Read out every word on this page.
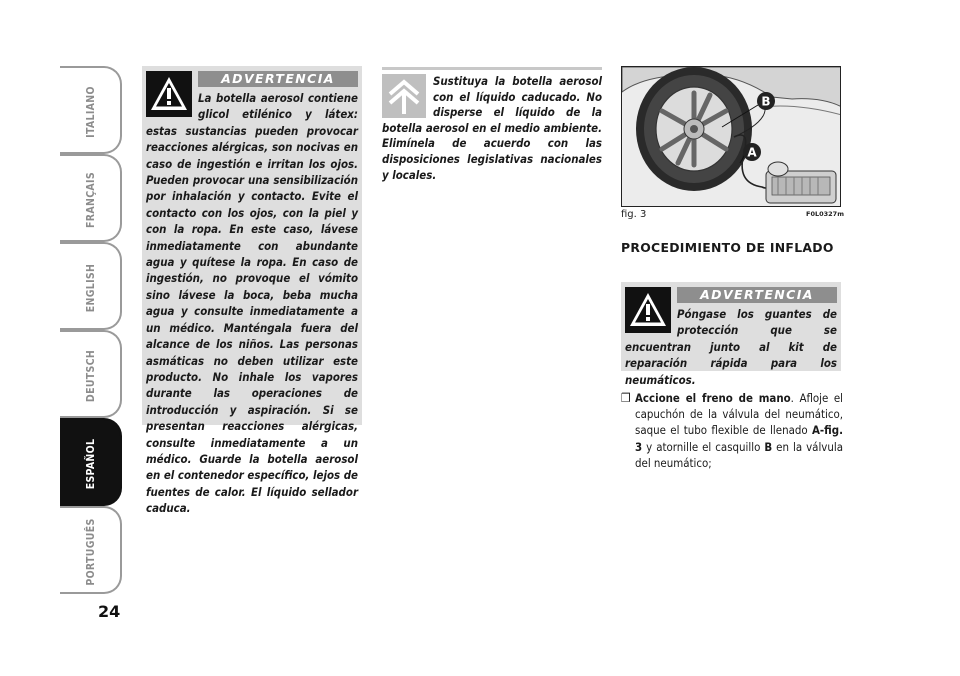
ITALIANO
FRANÇAIS
ENGLISH
DEUTSCH
ESPAÑOL
PORTUGUÊS
24
ADVERTENCIA
La botella aerosol contiene glicol etilénico y látex: estas sustancias pueden provocar reacciones alérgicas, son nocivas en caso de ingestión e irritan los ojos. Pueden provocar una sensibilización por inhalación y contacto. Evite el contacto con los ojos, con la piel y con la ropa. En este caso, lávese inmediatamente con abundante agua y quítese la ropa. En caso de ingestión, no provoque el vómito sino lávese la boca, beba mucha agua y consulte inmediatamente a un médico. Manténgala fuera del alcance de los niños. Las personas asmáticas no deben utilizar este producto. No inhale los vapores durante las operaciones de introducción y aspiración. Si se presentan reacciones alérgicas, consulte inmediatamente a un médico. Guarde la botella aerosol en el contenedor específico, lejos de fuentes de calor. El líquido sellador caduca.
Sustituya la botella aerosol con el líquido caducado. No disperse el líquido de la botella aerosol en el medio ambiente. Elimínela de acuerdo con las disposiciones legislativas nacionales y locales.
B
A
fig. 3	F0L0327m
PROCEDIMIENTO DE INFLADO
ADVERTENCIA
Póngase los guantes de protección que se encuentran junto al kit de reparación rápida para los neumáticos.
❒ Accione el freno de mano. Afloje el capuchón de la válvula del neumático, saque el tubo flexible de llenado A-fig. 3 y atornille el casquillo B en la válvula del neumático;
